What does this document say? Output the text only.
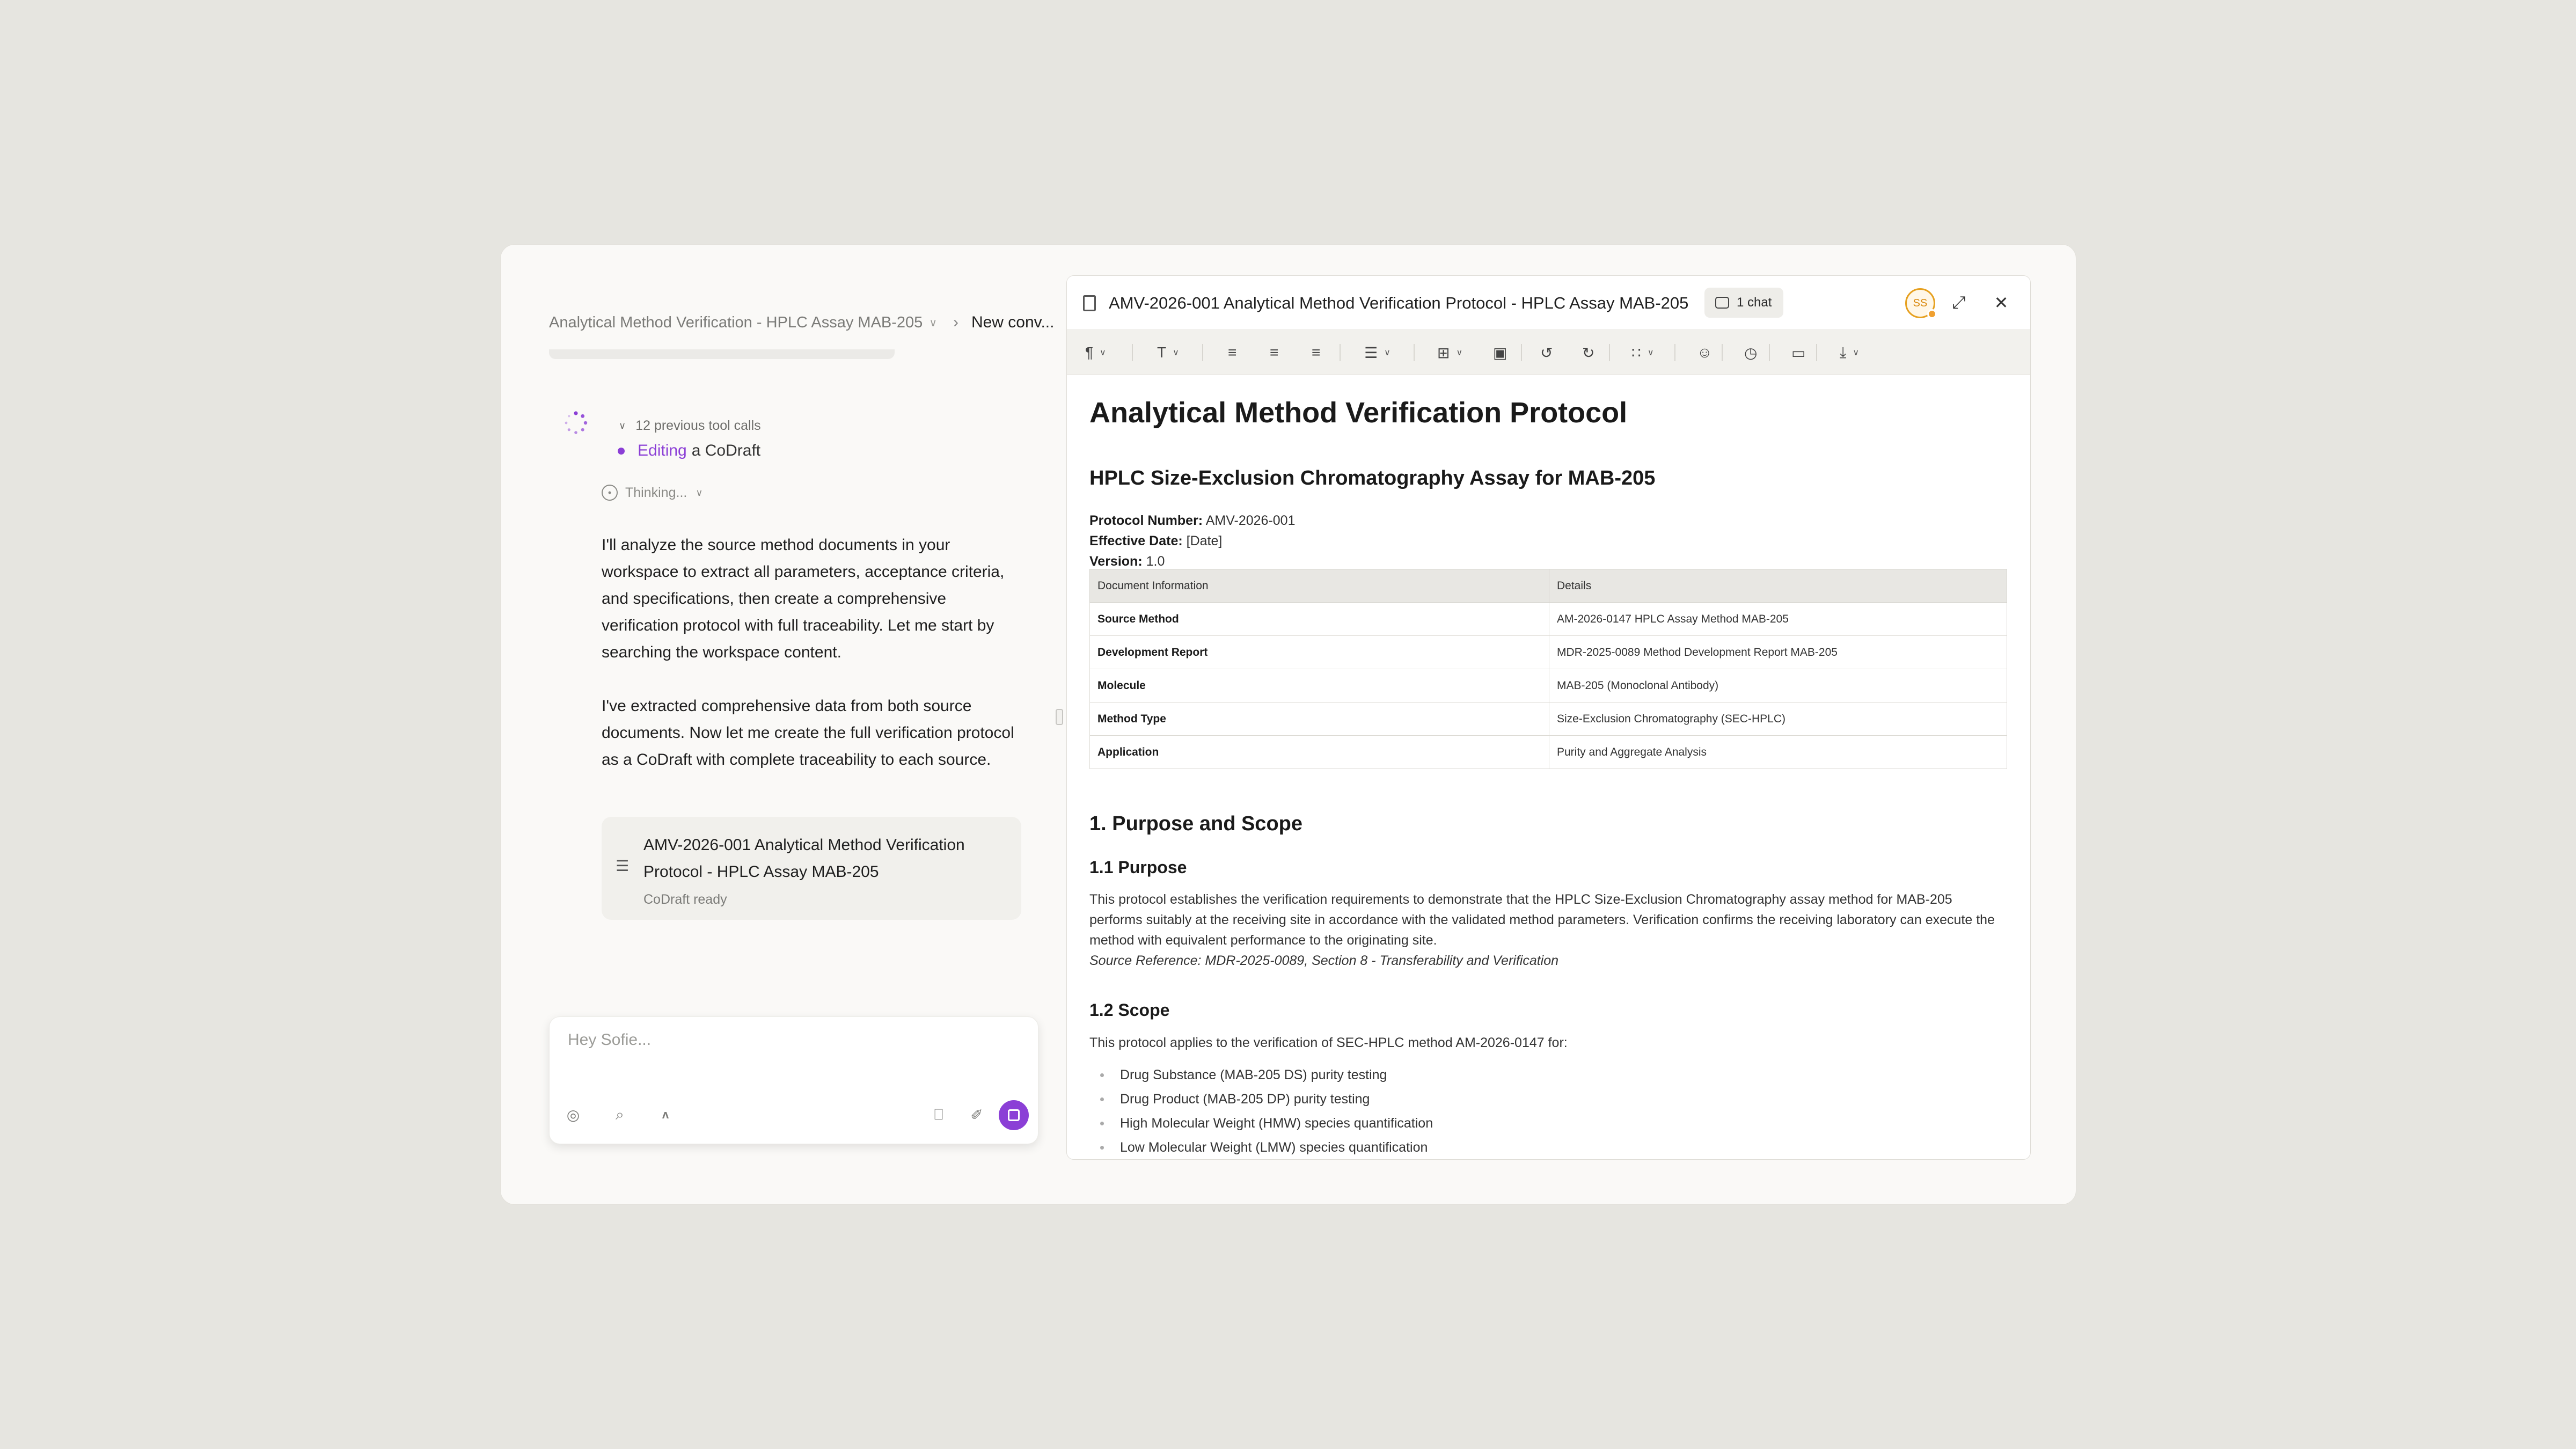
Analytical Method Verification - HPLC Assay MAB-205 ∨ › New conv...
∨ 12 previous tool calls
Editing a CoDraft
•	Thinking... ∨

I'll analyze the source method documents in your workspace to extract all parameters, acceptance criteria, and specifications, then create a comprehensive verification protocol with full traceability. Let me start by searching the workspace content.

I've extracted comprehensive data from both source documents. Now let me create the full verification protocol as a CoDraft with complete traceability to each source.

☰
AMV-2026-001 Analytical Method Verification Protocol - HPLC Assay MAB-205
CoDraft ready
Hey Sofie...
◎	⌕	ʌ	⎕	✐
AMV-2026-001 Analytical Method Verification Protocol - HPLC Assay MAB-205	1 chat	SS ⤢ ✕
¶ ∨	T ∨	≡ ≡ ≡	☰ ∨	⊞ ∨ ▣ ↺ ↻ ∷ ∨	☺ ◷ ▭ ⤓ ∨
Analytical Method Verification Protocol
HPLC Size-Exclusion Chromatography Assay for MAB-205
Protocol Number: AMV-2026-001
Effective Date: [Date]
Version: 1.0
Document Information	Details
Source Method	AM-2026-0147 HPLC Assay Method MAB-205
Development Report	MDR-2025-0089 Method Development Report MAB-205
Molecule	MAB-205 (Monoclonal Antibody)
Method Type	Size-Exclusion Chromatography (SEC-HPLC)
Application	Purity and Aggregate Analysis
1. Purpose and Scope
1.1 Purpose

This protocol establishes the verification requirements to demonstrate that the HPLC Size-Exclusion Chromatography assay method for MAB-205 performs suitably at the receiving site in accordance with the validated method parameters. Verification confirms the receiving laboratory can execute the method with equivalent performance to the originating site.

Source Reference: MDR-2025-0089, Section 8 - Transferability and Verification

1.2 Scope

This protocol applies to the verification of SEC-HPLC method AM-2026-0147 for:

Drug Substance (MAB-205 DS) purity testing
Drug Product (MAB-205 DP) purity testing
High Molecular Weight (HMW) species quantification
Low Molecular Weight (LMW) species quantification
